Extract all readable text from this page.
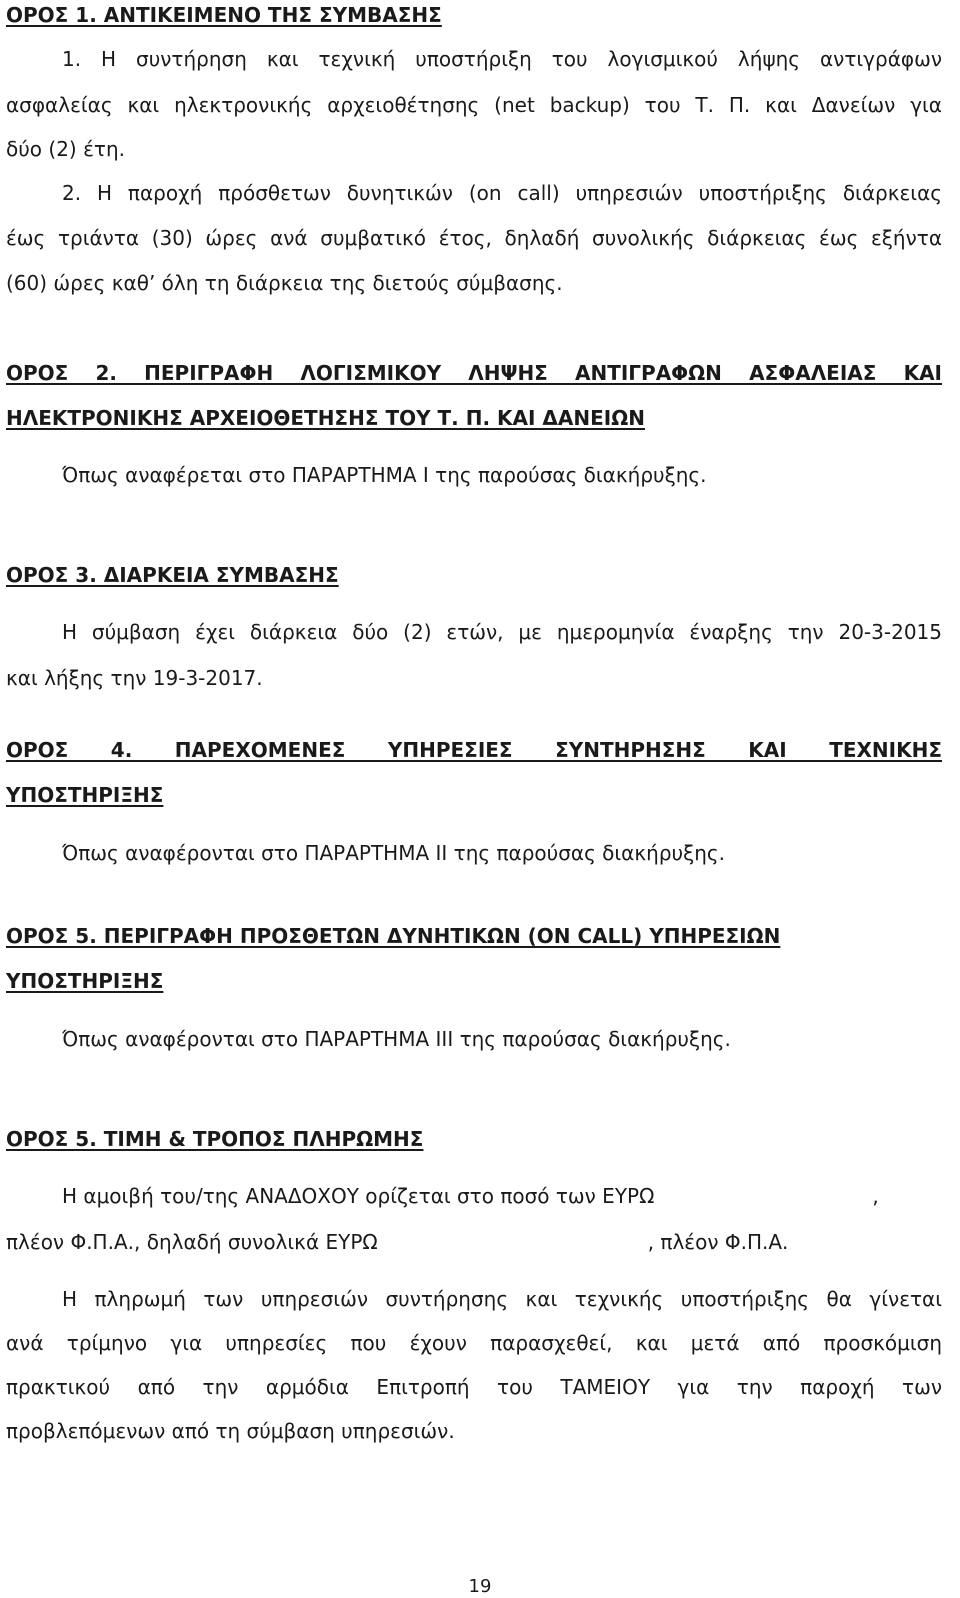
ΟΡΟΣ 1. ΑΝΤΙΚΕΙΜΕΝΟ ΤΗΣ ΣΥΜΒΑΣΗΣ

1. Η συντήρηση και τεχνική υποστήριξη του λογισμικού λήψης αντιγράφων

ασφαλείας και ηλεκτρονικής αρχειοθέτησης (net backup) του Τ. Π. και Δανείων για

δύο (2) έτη.

2. Η παροχή πρόσθετων δυνητικών (on call) υπηρεσιών υποστήριξης διάρκειας

έως τριάντα (30) ώρες ανά συμβατικό έτος, δηλαδή συνολικής διάρκειας έως εξήντα

(60) ώρες καθ’ όλη τη διάρκεια της διετούς σύμβασης.

ΟΡΟΣ 2. ΠΕΡΙΓΡΑΦΗ ΛΟΓΙΣΜΙΚΟΥ ΛΗΨΗΣ ΑΝΤΙΓΡΑΦΩΝ ΑΣΦΑΛΕΙΑΣ ΚΑΙ

ΗΛΕΚΤΡΟΝΙΚΗΣ ΑΡΧΕΙΟΘΕΤΗΣΗΣ ΤΟΥ Τ. Π. ΚΑΙ ΔΑΝΕΙΩΝ

Όπως αναφέρεται στο ΠΑΡΑΡΤΗΜΑ Ι της παρούσας διακήρυξης.

ΟΡΟΣ 3. ΔΙΑΡΚΕΙΑ ΣΥΜΒΑΣΗΣ

Η σύμβαση έχει διάρκεια δύο (2) ετών, με ημερομηνία έναρξης την 20-3-2015

και λήξης την 19-3-2017.

ΟΡΟΣ 4. ΠΑΡΕΧΟΜΕΝΕΣ ΥΠΗΡΕΣΙΕΣ ΣΥΝΤΗΡΗΣΗΣ ΚΑΙ ΤΕΧΝΙΚΗΣ

ΥΠΟΣΤΗΡΙΞΗΣ

Όπως αναφέρονται στο ΠΑΡΑΡΤΗΜΑ ΙΙ της παρούσας διακήρυξης.

ΟΡΟΣ 5. ΠΕΡΙΓΡΑΦΗ ΠΡΟΣΘΕΤΩΝ ΔΥΝΗΤΙΚΩΝ (ON CALL) ΥΠΗΡΕΣΙΩΝ

ΥΠΟΣΤΗΡΙΞΗΣ

Όπως αναφέρονται στο ΠΑΡΑΡΤΗΜΑ ΙΙΙ της παρούσας διακήρυξης.

ΟΡΟΣ 5. ΤΙΜΗ & ΤΡΟΠΟΣ ΠΛΗΡΩΜΗΣ

Η αμοιβή του/της ΑΝΑΔΟΧΟΥ ορίζεται στο ποσό των ΕΥΡΩ	,

πλέον Φ.Π.Α., δηλαδή συνολικά ΕΥΡΩ	, πλέον Φ.Π.Α.

Η πληρωμή των υπηρεσιών συντήρησης και τεχνικής υποστήριξης θα γίνεται

ανά τρίμηνο για υπηρεσίες που έχουν παρασχεθεί, και μετά από προσκόμιση

πρακτικού από την αρμόδια Επιτροπή του ΤΑΜΕΙΟΥ για την παροχή των

προβλεπόμενων από τη σύμβαση υπηρεσιών.

19
